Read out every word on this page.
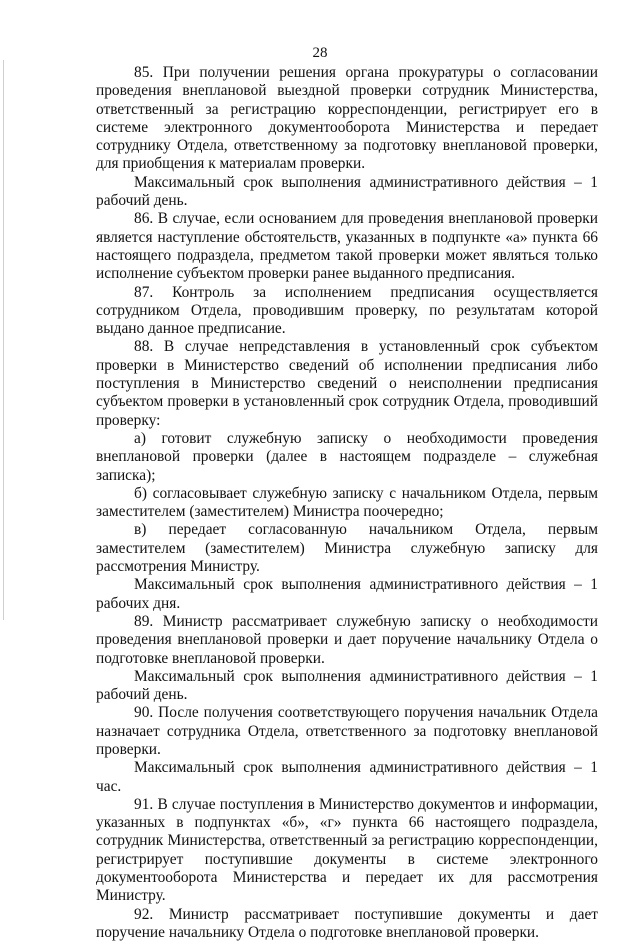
28

85. При получении решения органа прокуратуры о согласовании проведения внеплановой выездной проверки сотрудник Министерства, ответственный за регистрацию корреспонденции, регистрирует его в системе электронного документооборота Министерства и передает сотруднику Отдела, ответственному за подготовку внеплановой проверки, для приобщения к материалам проверки.

Максимальный срок выполнения административного действия – 1 рабочий день.

86. В случае, если основанием для проведения внеплановой проверки является наступление обстоятельств, указанных в подпункте «а» пункта 66 настоящего подраздела, предметом такой проверки может являться только исполнение субъектом проверки ранее выданного предписания.

87. Контроль за исполнением предписания осуществляется сотрудником Отдела, проводившим проверку, по результатам которой выдано данное предписание.

88. В случае непредставления в установленный срок субъектом проверки в Министерство сведений об исполнении предписания либо поступления в Министерство сведений о неисполнении предписания субъектом проверки в установленный срок сотрудник Отдела, проводивший проверку:

а) готовит служебную записку о необходимости проведения внеплановой проверки (далее в настоящем подразделе – служебная записка);

б) согласовывает служебную записку с начальником Отдела, первым заместителем (заместителем) Министра поочередно;

в) передает согласованную начальником Отдела, первым заместителем (заместителем) Министра служебную записку для рассмотрения Министру.

Максимальный срок выполнения административного действия – 1 рабочих дня.

89. Министр рассматривает служебную записку о необходимости проведения внеплановой проверки и дает поручение начальнику Отдела о подготовке внеплановой проверки.

Максимальный срок выполнения административного действия – 1 рабочий день.

90. После получения соответствующего поручения начальник Отдела назначает сотрудника Отдела, ответственного за подготовку внеплановой проверки.

Максимальный срок выполнения административного действия – 1 час.

91. В случае поступления в Министерство документов и информации, указанных в подпунктах «б», «г» пункта 66 настоящего подраздела, сотрудник Министерства, ответственный за регистрацию корреспонденции, регистрирует поступившие документы в системе электронного документооборота Министерства и передает их для рассмотрения Министру.

92. Министр рассматривает поступившие документы и дает поручение начальнику Отдела о подготовке внеплановой проверки.
